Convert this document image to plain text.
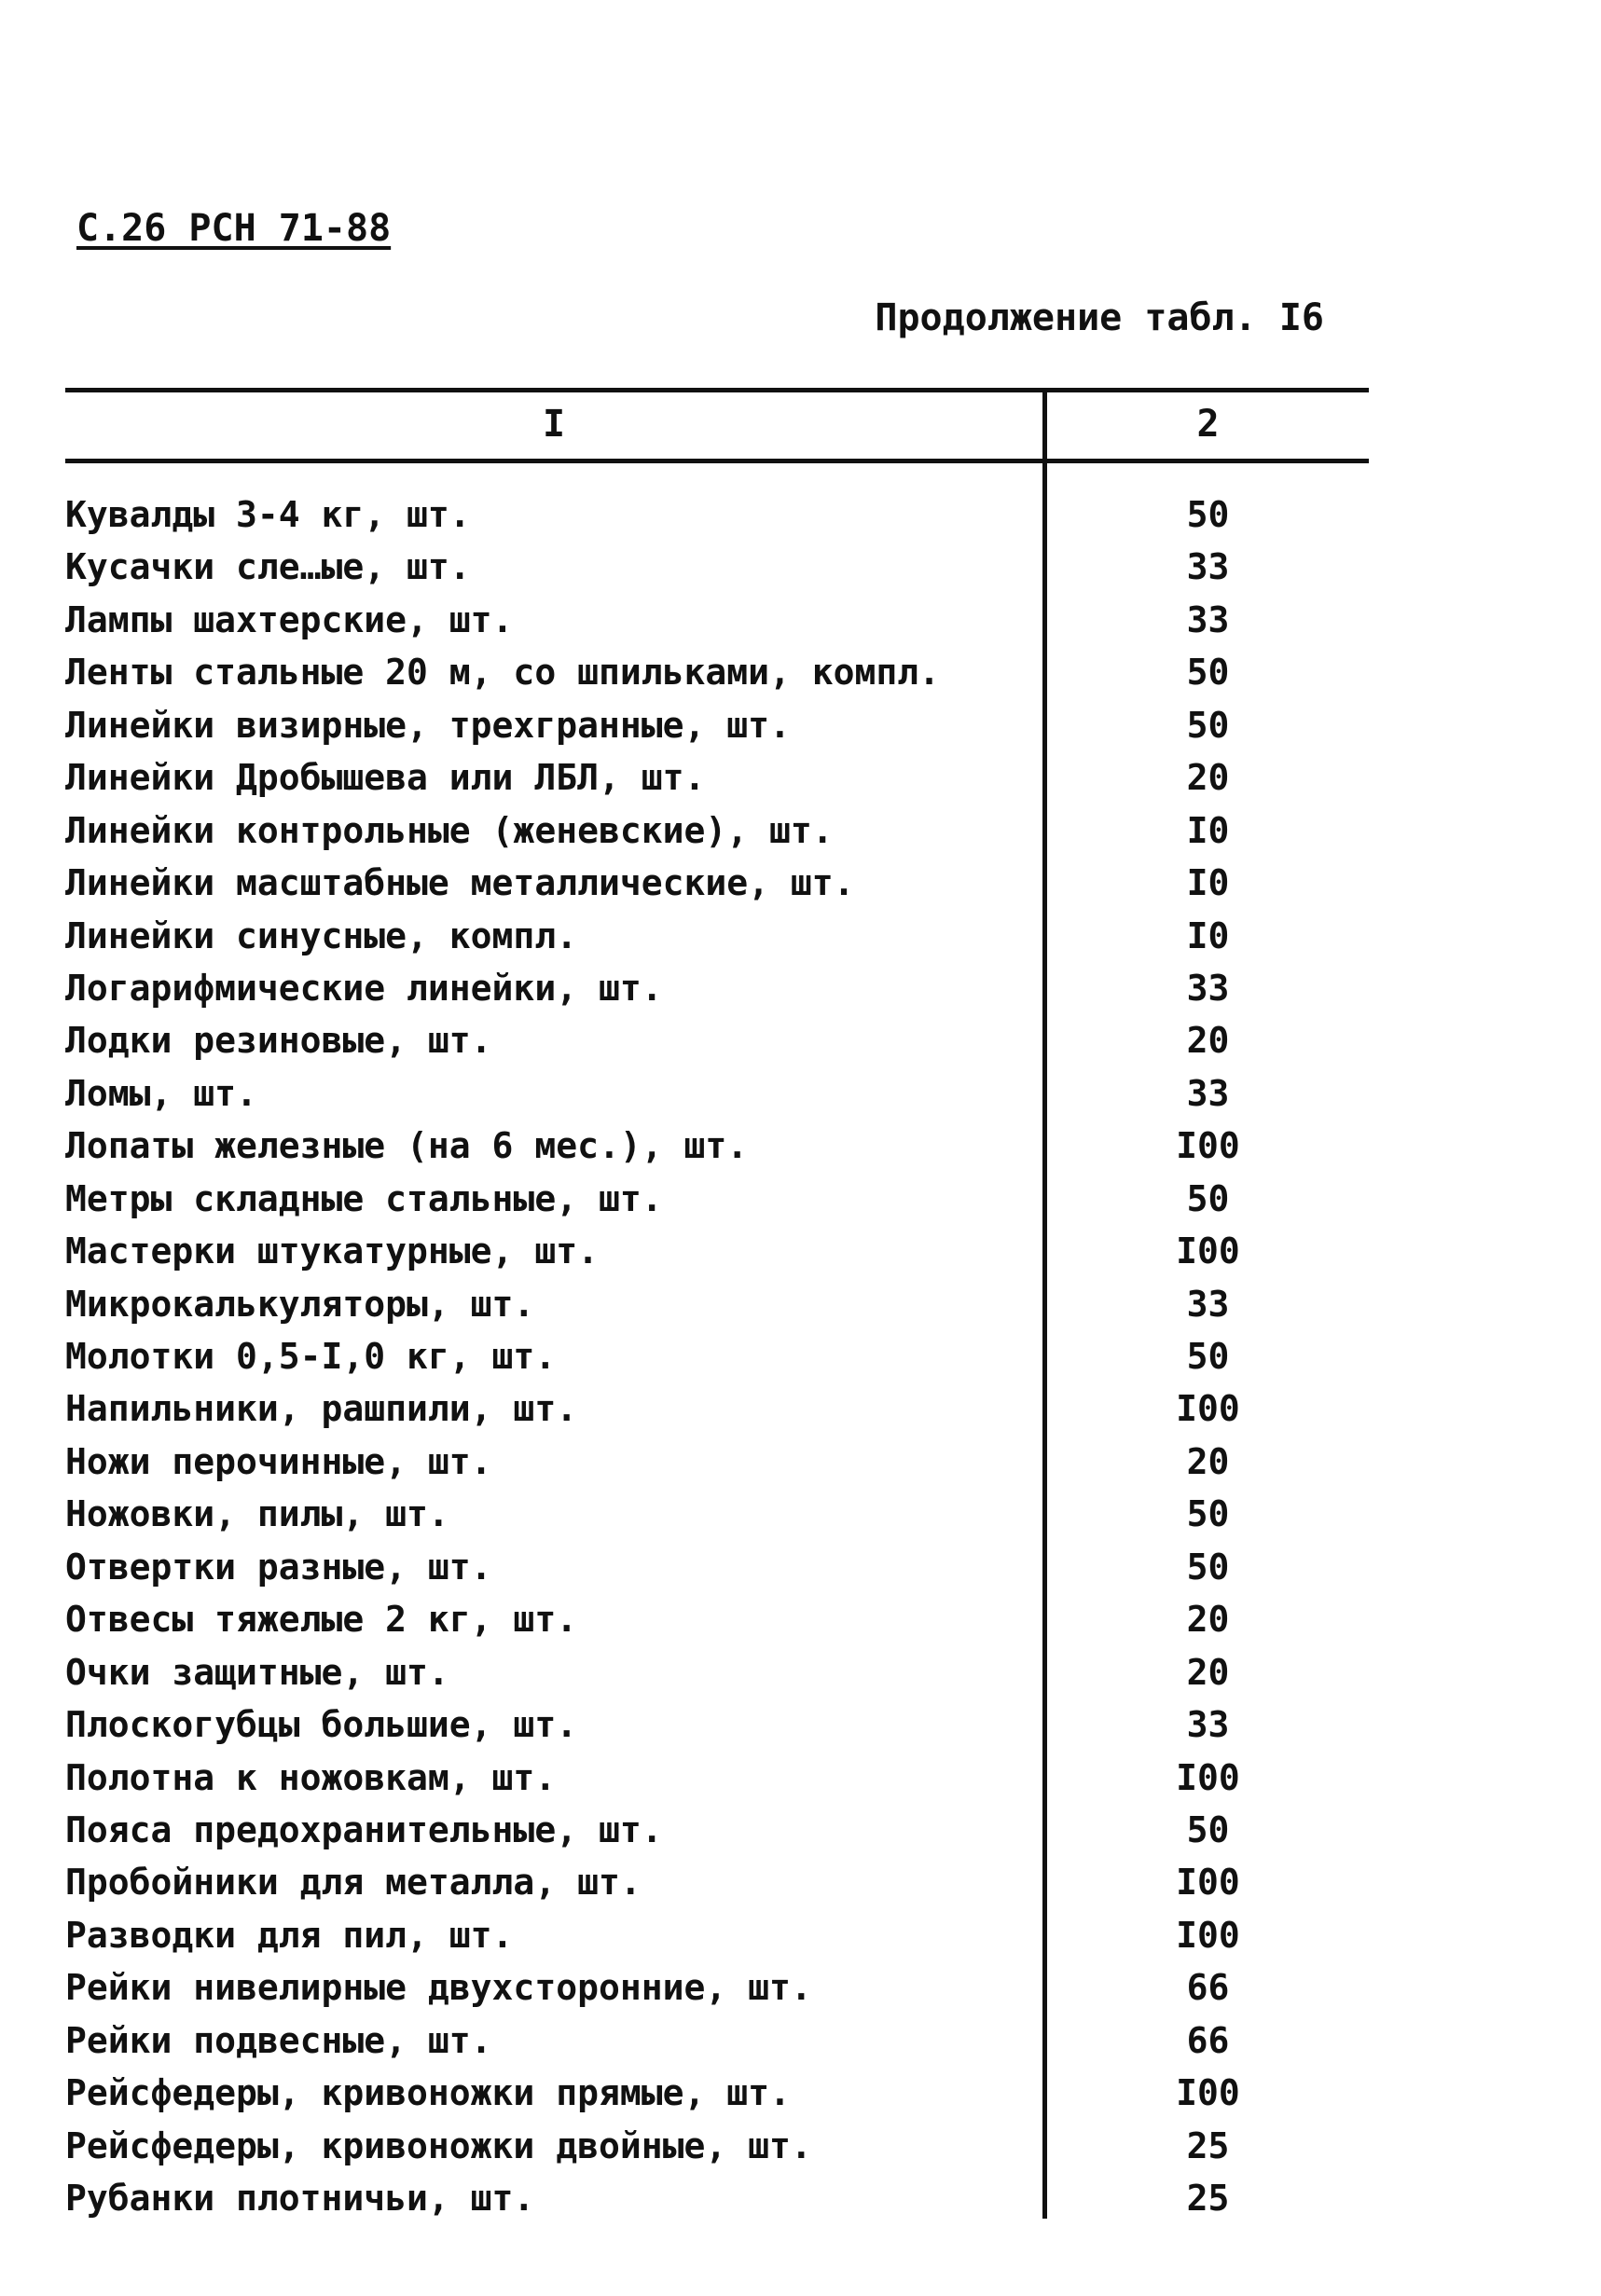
С.26 РСН 71-88
Продолжение табл. I6
I	2
Кувалды 3-4 кг, шт.	50
Кусачки сле…ые, шт.	33
Лампы шахтерские, шт.	33
Ленты стальные 20 м, со шпильками, компл.	50
Линейки визирные, трехгранные, шт.	50
Линейки Дробышева или ЛБЛ, шт.	20
Линейки контрольные (женевские), шт.	I0
Линейки масштабные металлические, шт.	I0
Линейки синусные, компл.	I0
Логарифмические линейки, шт.	33
Лодки резиновые, шт.	20
Ломы, шт.	33
Лопаты железные (на 6 мес.), шт.	I00
Метры складные стальные, шт.	50
Мастерки штукатурные, шт.	I00
Микрокалькуляторы, шт.	33
Молотки 0,5-I,0 кг, шт.	50
Напильники, рашпили, шт.	I00
Ножи перочинные, шт.	20
Ножовки, пилы, шт.	50
Отвертки разные, шт.	50
Отвесы тяжелые 2 кг, шт.	20
Очки защитные, шт.	20
Плоскогубцы большие, шт.	33
Полотна к ножовкам, шт.	I00
Пояса предохранительные, шт.	50
Пробойники для металла, шт.	I00
Разводки для пил, шт.	I00
Рейки нивелирные двухсторонние, шт.	66
Рейки подвесные, шт.	66
Рейсфедеры, кривоножки прямые, шт.	I00
Рейсфедеры, кривоножки двойные, шт.	25
Рубанки плотничьи, шт.	25
